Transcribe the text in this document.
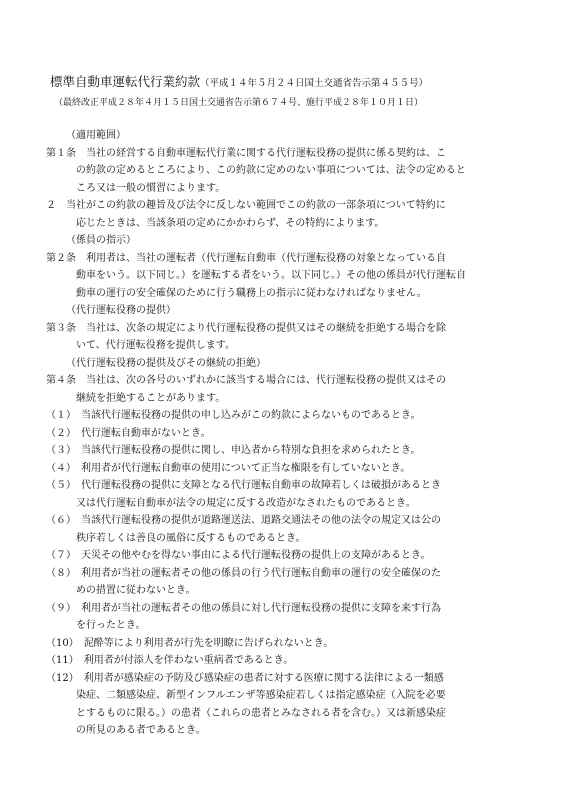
標準自動車運転代行業約款（平成１４年５月２４日国土交通省告示第４５５号）
（最終改正平成２８年４月１５日国土交通省告示第６７４号、施行平成２８年１０月１日）
（適用範囲）
第１条　当社の経営する自動車運転代行業に関する代行運転役務の提供に係る契約は、こ
の約款の定めるところにより、この約款に定めのない事項については、法令の定めると
ころ又は一般の慣習によります。
２　当社がこの約款の趣旨及び法令に反しない範囲でこの約款の一部条項について特約に
応じたときは、当該条項の定めにかかわらず、その特約によります。
（係員の指示）
第２条　利用者は、当社の運転者（代行運転自動車（代行運転役務の対象となっている自
動車をいう。以下同じ。）を運転する者をいう。以下同じ。）その他の係員が代行運転自
動車の運行の安全確保のために行う職務上の指示に従わなければなりません。
（代行運転役務の提供）
第３条　当社は、次条の規定により代行運転役務の提供又はその継続を拒絶する場合を除
いて、代行運転役務を提供します。
（代行運転役務の提供及びその継続の拒絶）
第４条　当社は、次の各号のいずれかに該当する場合には、代行運転役務の提供又はその
継続を拒絶することがあります。
（１）　当該代行運転役務の提供の申し込みがこの約款によらないものであるとき。
（２）　代行運転自動車がないとき。
（３）　当該代行運転役務の提供に関し、申込者から特別な負担を求められたとき。
（４）　利用者が代行運転自動車の使用について正当な権限を有していないとき。
（５）　代行運転役務の提供に支障となる代行運転自動車の故障若しくは破損があるとき
又は代行運転自動車が法令の規定に反する改造がなされたものであるとき。
（６）　当該代行運転役務の提供が道路運送法、道路交通法その他の法令の規定又は公の
秩序若しくは善良の風俗に反するものであるとき。
（７）　天災その他やむを得ない事由による代行運転役務の提供上の支障があるとき。
（８）　利用者が当社の運転者その他の係員の行う代行運転自動車の運行の安全確保のた
めの措置に従わないとき。
（９）　利用者が当社の運転者その他の係員に対し代行運転役務の提供に支障を来す行為
を行ったとき。
（10）　泥酔等により利用者が行先を明瞭に告げられないとき。
（11）　利用者が付添人を伴わない重病者であるとき。
（12）　利用者が感染症の予防及び感染症の患者に対する医療に関する法律による一類感
染症、二類感染症、新型インフルエンザ等感染症若しくは指定感染症（入院を必要
とするものに限る。）の患者（これらの患者とみなされる者を含む。）又は新感染症
の所見のある者であるとき。
